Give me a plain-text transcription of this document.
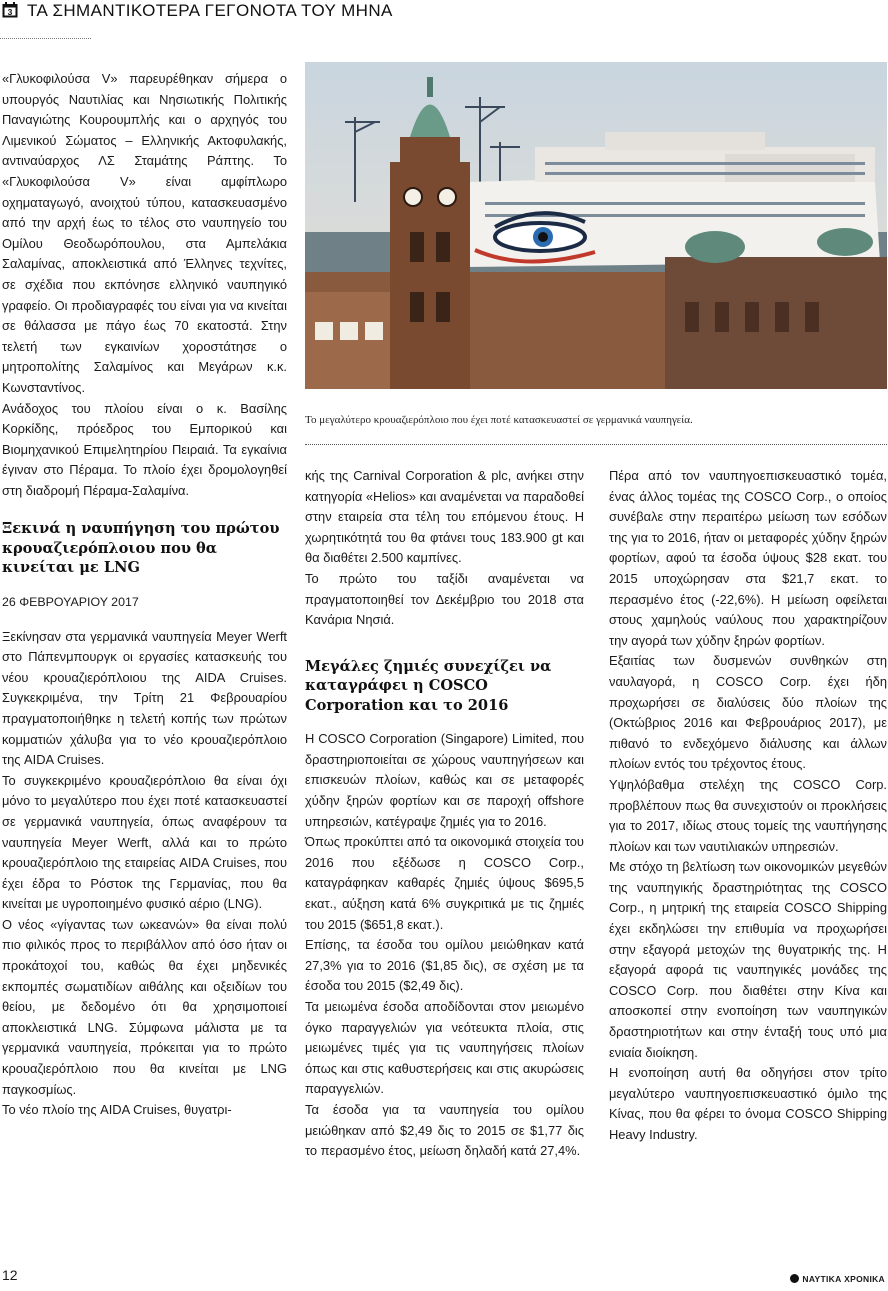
3 ΤΑ ΣΗΜΑΝΤΙΚΟΤΕΡΑ ΓΕΓΟΝΟΤΑ ΤΟΥ ΜΗΝΑ

«Γλυκοφιλούσα V» παρευρέθηκαν σήμερα ο υπουργός Ναυτιλίας και Νησιωτικής Πολιτικής Παναγιώτης Κουρουμπλής και ο αρχηγός του Λιμενικού Σώματος – Ελληνικής Ακτοφυλακής, αντιναύαρχος ΛΣ Σταμάτης Ράπτης. Το «Γλυκοφιλούσα V» είναι αμφίπλωρο οχηματαγωγό, ανοιχτού τύπου, κατασκευασμένο από την αρχή έως το τέλος στο ναυπηγείο του Ομίλου Θεοδωρόπουλου, στα Αμπελάκια Σαλαμίνας, αποκλειστικά από Έλληνες τεχνίτες, σε σχέδια που εκπόνησε ελληνικό ναυπηγικό γραφείο. Οι προδιαγραφές του είναι για να κινείται σε θάλασσα με πάγο έως 70 εκατοστά. Στην τελετή των εγκαινίων χοροστάτησε ο μητροπολίτης Σαλαμίνος και Μεγάρων κ.κ. Κωνσταντίνος.

Ανάδοχος του πλοίου είναι ο κ. Βασίλης Κορκίδης, πρόεδρος του Εμπορικού και Βιομηχανικού Επιμελητηρίου Πειραιά. Τα εγκαίνια έγιναν στο Πέραμα. Το πλοίο έχει δρομολογηθεί στη διαδρομή Πέραμα-Σαλαμίνα.

Ξεκινά η ναυπήγηση του πρώτου κρουαζιερόπλοιου που θα κινείται με LNG
26 ΦΕΒΡΟΥΑΡΙΟΥ 2017

Ξεκίνησαν στα γερμανικά ναυπηγεία Meyer Werft στο Πάπενμπουργκ οι εργασίες κατασκευής του νέου κρουαζιερόπλοιου της AIDA Cruises. Συγκεκριμένα, την Τρίτη 21 Φεβρουαρίου πραγματοποιήθηκε η τελετή κοπής των πρώτων κομματιών χάλυβα για το νέο κρουαζιερόπλοιο της AIDA Cruises.

Το συγκεκριμένο κρουαζιερόπλοιο θα είναι όχι μόνο το μεγαλύτερο που έχει ποτέ κατασκευαστεί σε γερμανικά ναυπηγεία, όπως αναφέρουν τα ναυπηγεία Meyer Werft, αλλά και το πρώτο κρουαζιερόπλοιο της εταιρείας AIDA Cruises, που έχει έδρα το Ρόστοκ της Γερμανίας, που θα κινείται με υγροποιημένο φυσικό αέριο (LNG).

Ο νέος «γίγαντας των ωκεανών» θα είναι πολύ πιο φιλικός προς το περιβάλλον από όσο ήταν οι προκάτοχοί του, καθώς θα έχει μηδενικές εκπομπές σωματιδίων αιθάλης και οξειδίων του θείου, με δεδομένο ότι θα χρησιμοποιεί αποκλειστικά LNG. Σύμφωνα μάλιστα με τα γερμανικά ναυπηγεία, πρόκειται για το πρώτο κρουαζιερόπλοιο που θα κινείται με LNG παγκοσμίως.

Το νέο πλοίο της AIDA Cruises, θυγατρι-

Το μεγαλύτερο κρουαζιερόπλοιο που έχει ποτέ κατασκευαστεί σε γερμανικά ναυπηγεία.

κής της Carnival Corporation & plc, ανήκει στην κατηγορία «Helios» και αναμένεται να παραδοθεί στην εταιρεία στα τέλη του επόμενου έτους. Η χωρητικότητά του θα φτάνει τους 183.900 gt και θα διαθέτει 2.500 καμπίνες.

Το πρώτο του ταξίδι αναμένεται να πραγματοποιηθεί τον Δεκέμβριο του 2018 στα Κανάρια Νησιά.

Μεγάλες ζημιές συνεχίζει να καταγράφει η COSCO Corporation και το 2016

Η COSCO Corporation (Singapore) Limited, που δραστηριοποιείται σε χώρους ναυπηγήσεων και επισκευών πλοίων, καθώς και σε μεταφορές χύδην ξηρών φορτίων και σε παροχή offshore υπηρεσιών, κατέγραψε ζημιές για το 2016.

Όπως προκύπτει από τα οικονομικά στοιχεία του 2016 που εξέδωσε η COSCO Corp., καταγράφηκαν καθαρές ζημιές ύψους $695,5 εκατ., αύξηση κατά 6% συγκριτικά με τις ζημιές του 2015 ($651,8 εκατ.).

Επίσης, τα έσοδα του ομίλου μειώθηκαν κατά 27,3% για το 2016 ($1,85 δις), σε σχέση με τα έσοδα του 2015 ($2,49 δις).

Τα μειωμένα έσοδα αποδίδονται στον μειωμένο όγκο παραγγελιών για νεότευκτα πλοία, στις μειωμένες τιμές για τις ναυπηγήσεις πλοίων όπως και στις καθυστερήσεις και στις ακυρώσεις παραγγελιών.

Τα έσοδα για τα ναυπηγεία του ομίλου μειώθηκαν από $2,49 δις το 2015 σε $1,77 δις το περασμένο έτος, μείωση δηλαδή κατά 27,4%.

Πέρα από τον ναυπηγοεπισκευαστικό τομέα, ένας άλλος τομέας της COSCO Corp., ο οποίος συνέβαλε στην περαιτέρω μείωση των εσόδων της για το 2016, ήταν οι μεταφορές χύδην ξηρών φορτίων, αφού τα έσοδα ύψους $28 εκατ. του 2015 υποχώρησαν στα $21,7 εκατ. το περασμένο έτος (-22,6%). Η μείωση οφείλεται στους χαμηλούς ναύλους που χαρακτηρίζουν την αγορά των χύδην ξηρών φορτίων.

Εξαιτίας των δυσμενών συνθηκών στη ναυλαγορά, η COSCO Corp. έχει ήδη προχωρήσει σε διαλύσεις δύο πλοίων της (Οκτώβριος 2016 και Φεβρουάριος 2017), με πιθανό το ενδεχόμενο διάλυσης και άλλων πλοίων εντός του τρέχοντος έτους.

Υψηλόβαθμα στελέχη της COSCO Corp. προβλέπουν πως θα συνεχιστούν οι προκλήσεις για το 2017, ιδίως στους τομείς της ναυπήγησης πλοίων και των ναυτιλιακών υπηρεσιών.

Με στόχο τη βελτίωση των οικονομικών μεγεθών της ναυπηγικής δραστηριότητας της COSCO Corp., η μητρική της εταιρεία COSCO Shipping έχει εκδηλώσει την επιθυμία να προχωρήσει στην εξαγορά μετοχών της θυγατρικής της. Η εξαγορά αφορά τις ναυπηγικές μονάδες της COSCO Corp. που διαθέτει στην Κίνα και αποσκοπεί στην ενοποίηση των ναυπηγικών δραστηριοτήτων και στην ένταξή τους υπό μια ενιαία διοίκηση.

Η ενοποίηση αυτή θα οδηγήσει στον τρίτο μεγαλύτερο ναυπηγοεπισκευαστικό όμιλο της Κίνας, που θα φέρει το όνομα COSCO Shipping Heavy Industry.

12	ΝΑΥΤΙΚΑ ΧΡΟΝΙΚΑ
